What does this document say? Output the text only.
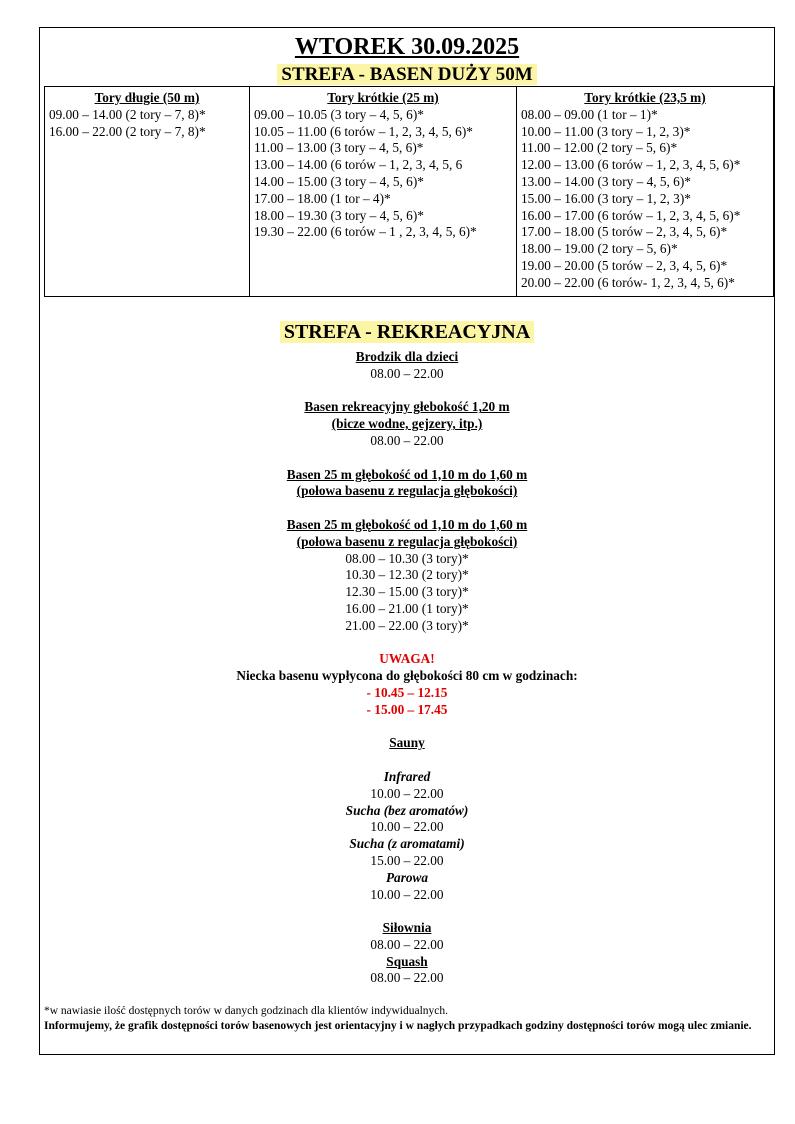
WTOREK 30.09.2025
STREFA - BASEN DUŻY 50M
Tory długie (50 m)
09.00 – 14.00 (2 tory – 7, 8)*
16.00 – 22.00 (2 tory – 7, 8)*
Tory krótkie (25 m)
09.00 – 10.05 (3 tory – 4, 5, 6)*
10.05 – 11.00 (6 torów – 1, 2, 3, 4, 5, 6)*
11.00 – 13.00 (3 tory – 4, 5, 6)*
13.00 – 14.00 (6 torów – 1, 2, 3, 4, 5, 6
14.00 – 15.00 (3 tory – 4, 5, 6)*
17.00 – 18.00 (1 tor – 4)*
18.00 – 19.30 (3 tory – 4, 5, 6)*
19.30 – 22.00 (6 torów – 1 , 2, 3, 4, 5, 6)*
Tory krótkie (23,5 m)
08.00 – 09.00 (1 tor – 1)*
10.00 – 11.00 (3 tory – 1, 2, 3)*
11.00 – 12.00 (2 tory – 5, 6)*
12.00 – 13.00 (6 torów – 1, 2, 3, 4, 5, 6)*
13.00 – 14.00 (3 tory – 4, 5, 6)*
15.00 – 16.00 (3 tory – 1, 2, 3)*
16.00 – 17.00 (6 torów – 1, 2, 3, 4, 5, 6)*
17.00 – 18.00 (5 torów – 2, 3, 4, 5, 6)*
18.00 – 19.00 (2 tory – 5, 6)*
19.00 – 20.00 (5 torów – 2, 3, 4, 5, 6)*
20.00 – 22.00 (6 torów- 1, 2, 3, 4, 5, 6)*
STREFA - REKREACYJNA
Brodzik dla dzieci
08.00 – 22.00
Basen rekreacyjny głebokość 1,20 m
(bicze wodne, gejzery, itp.)
08.00 – 22.00
Basen 25 m głębokość od 1,10 m do 1,60 m
(połowa basenu z regulacja głębokości)
Basen 25 m głębokość od 1,10 m do 1,60 m
(połowa basenu z regulacja głębokości)
08.00 – 10.30 (3 tory)*
10.30 – 12.30 (2 tory)*
12.30 – 15.00 (3 tory)*
16.00 – 21.00 (1 tory)*
21.00 – 22.00 (3 tory)*
UWAGA!
Niecka basenu wypłycona do głębokości 80 cm w godzinach:
- 10.45 – 12.15
- 15.00 – 17.45
Sauny
Infrared
10.00 – 22.00
Sucha (bez aromatów)
10.00 – 22.00
Sucha (z aromatami)
15.00 – 22.00
Parowa
10.00 – 22.00
Siłownia
08.00 – 22.00
Squash
08.00 – 22.00
*w nawiasie ilość dostępnych torów w danych godzinach dla klientów indywidualnych.
Informujemy, że grafik dostępności torów basenowych jest orientacyjny i w nagłych przypadkach godziny dostępności torów mogą ulec zmianie.
